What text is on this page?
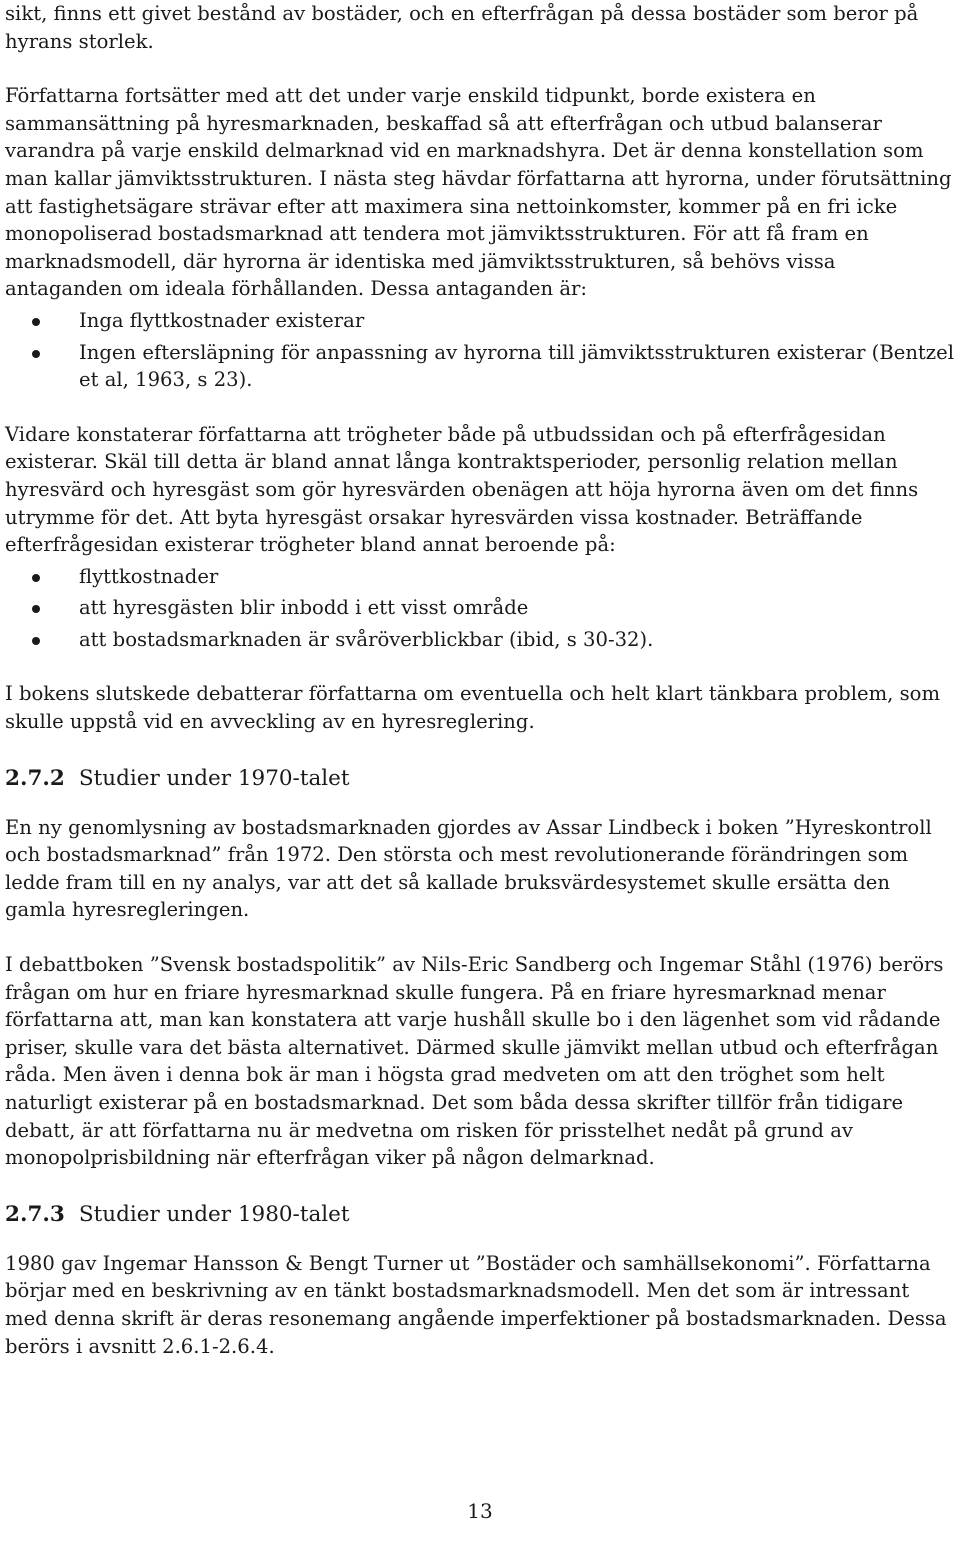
sikt, finns ett givet bestånd av bostäder, och en efterfrågan på dessa bostäder som beror på hyrans storlek.

Författarna fortsätter med att det under varje enskild tidpunkt, borde existera en sammansättning på hyresmarknaden, beskaffad så att efterfrågan och utbud balanserar varandra på varje enskild delmarknad vid en marknadshyra. Det är denna konstellation som man kallar jämviktsstrukturen. I nästa steg hävdar författarna att hyrorna, under förutsättning att fastighetsägare strävar efter att maximera sina nettoinkomster, kommer på en fri icke monopoliserad bostadsmarknad att tendera mot jämviktsstrukturen. För att få fram en marknadsmodell, där hyrorna är identiska med jämviktsstrukturen, så behövs vissa antaganden om ideala förhållanden. Dessa antaganden är:

Inga flyttkostnader existerar
Ingen eftersläpning för anpassning av hyrorna till jämviktsstrukturen existerar (Bentzel et al, 1963, s 23).

Vidare konstaterar författarna att trögheter både på utbudssidan och på efterfrågesidan existerar. Skäl till detta är bland annat långa kontraktsperioder, personlig relation mellan hyresvärd och hyresgäst som gör hyresvärden obenägen att höja hyrorna även om det finns utrymme för det. Att byta hyresgäst orsakar hyresvärden vissa kostnader. Beträffande efterfrågesidan existerar trögheter bland annat beroende på:

flyttkostnader
att hyresgästen blir inbodd i ett visst område
att bostadsmarknaden är svåröverblickbar (ibid, s 30-32).

I bokens slutskede debatterar författarna om eventuella och helt klart tänkbara problem, som skulle uppstå vid en avveckling av en hyresreglering.

2.7.2 Studier under 1970-talet

En ny genomlysning av bostadsmarknaden gjordes av Assar Lindbeck i boken ”Hyreskontroll och bostadsmarknad” från 1972. Den största och mest revolutionerande förändringen som ledde fram till en ny analys, var att det så kallade bruksvärdesystemet skulle ersätta den gamla hyresregleringen.

I debattboken ”Svensk bostadspolitik” av Nils-Eric Sandberg och Ingemar Ståhl (1976) berörs frågan om hur en friare hyresmarknad skulle fungera. På en friare hyresmarknad menar författarna att, man kan konstatera att varje hushåll skulle bo i den lägenhet som vid rådande priser, skulle vara det bästa alternativet. Därmed skulle jämvikt mellan utbud och efterfrågan råda. Men även i denna bok är man i högsta grad medveten om att den tröghet som helt naturligt existerar på en bostadsmarknad. Det som båda dessa skrifter tillför från tidigare debatt, är att författarna nu är medvetna om risken för prisstelhet nedåt på grund av monopolprisbildning när efterfrågan viker på någon delmarknad.

2.7.3 Studier under 1980-talet

1980 gav Ingemar Hansson & Bengt Turner ut ”Bostäder och samhällsekonomi”. Författarna börjar med en beskrivning av en tänkt bostadsmarknadsmodell. Men det som är intressant med denna skrift är deras resonemang angående imperfektioner på bostadsmarknaden. Dessa berörs i avsnitt 2.6.1-2.6.4.

13
